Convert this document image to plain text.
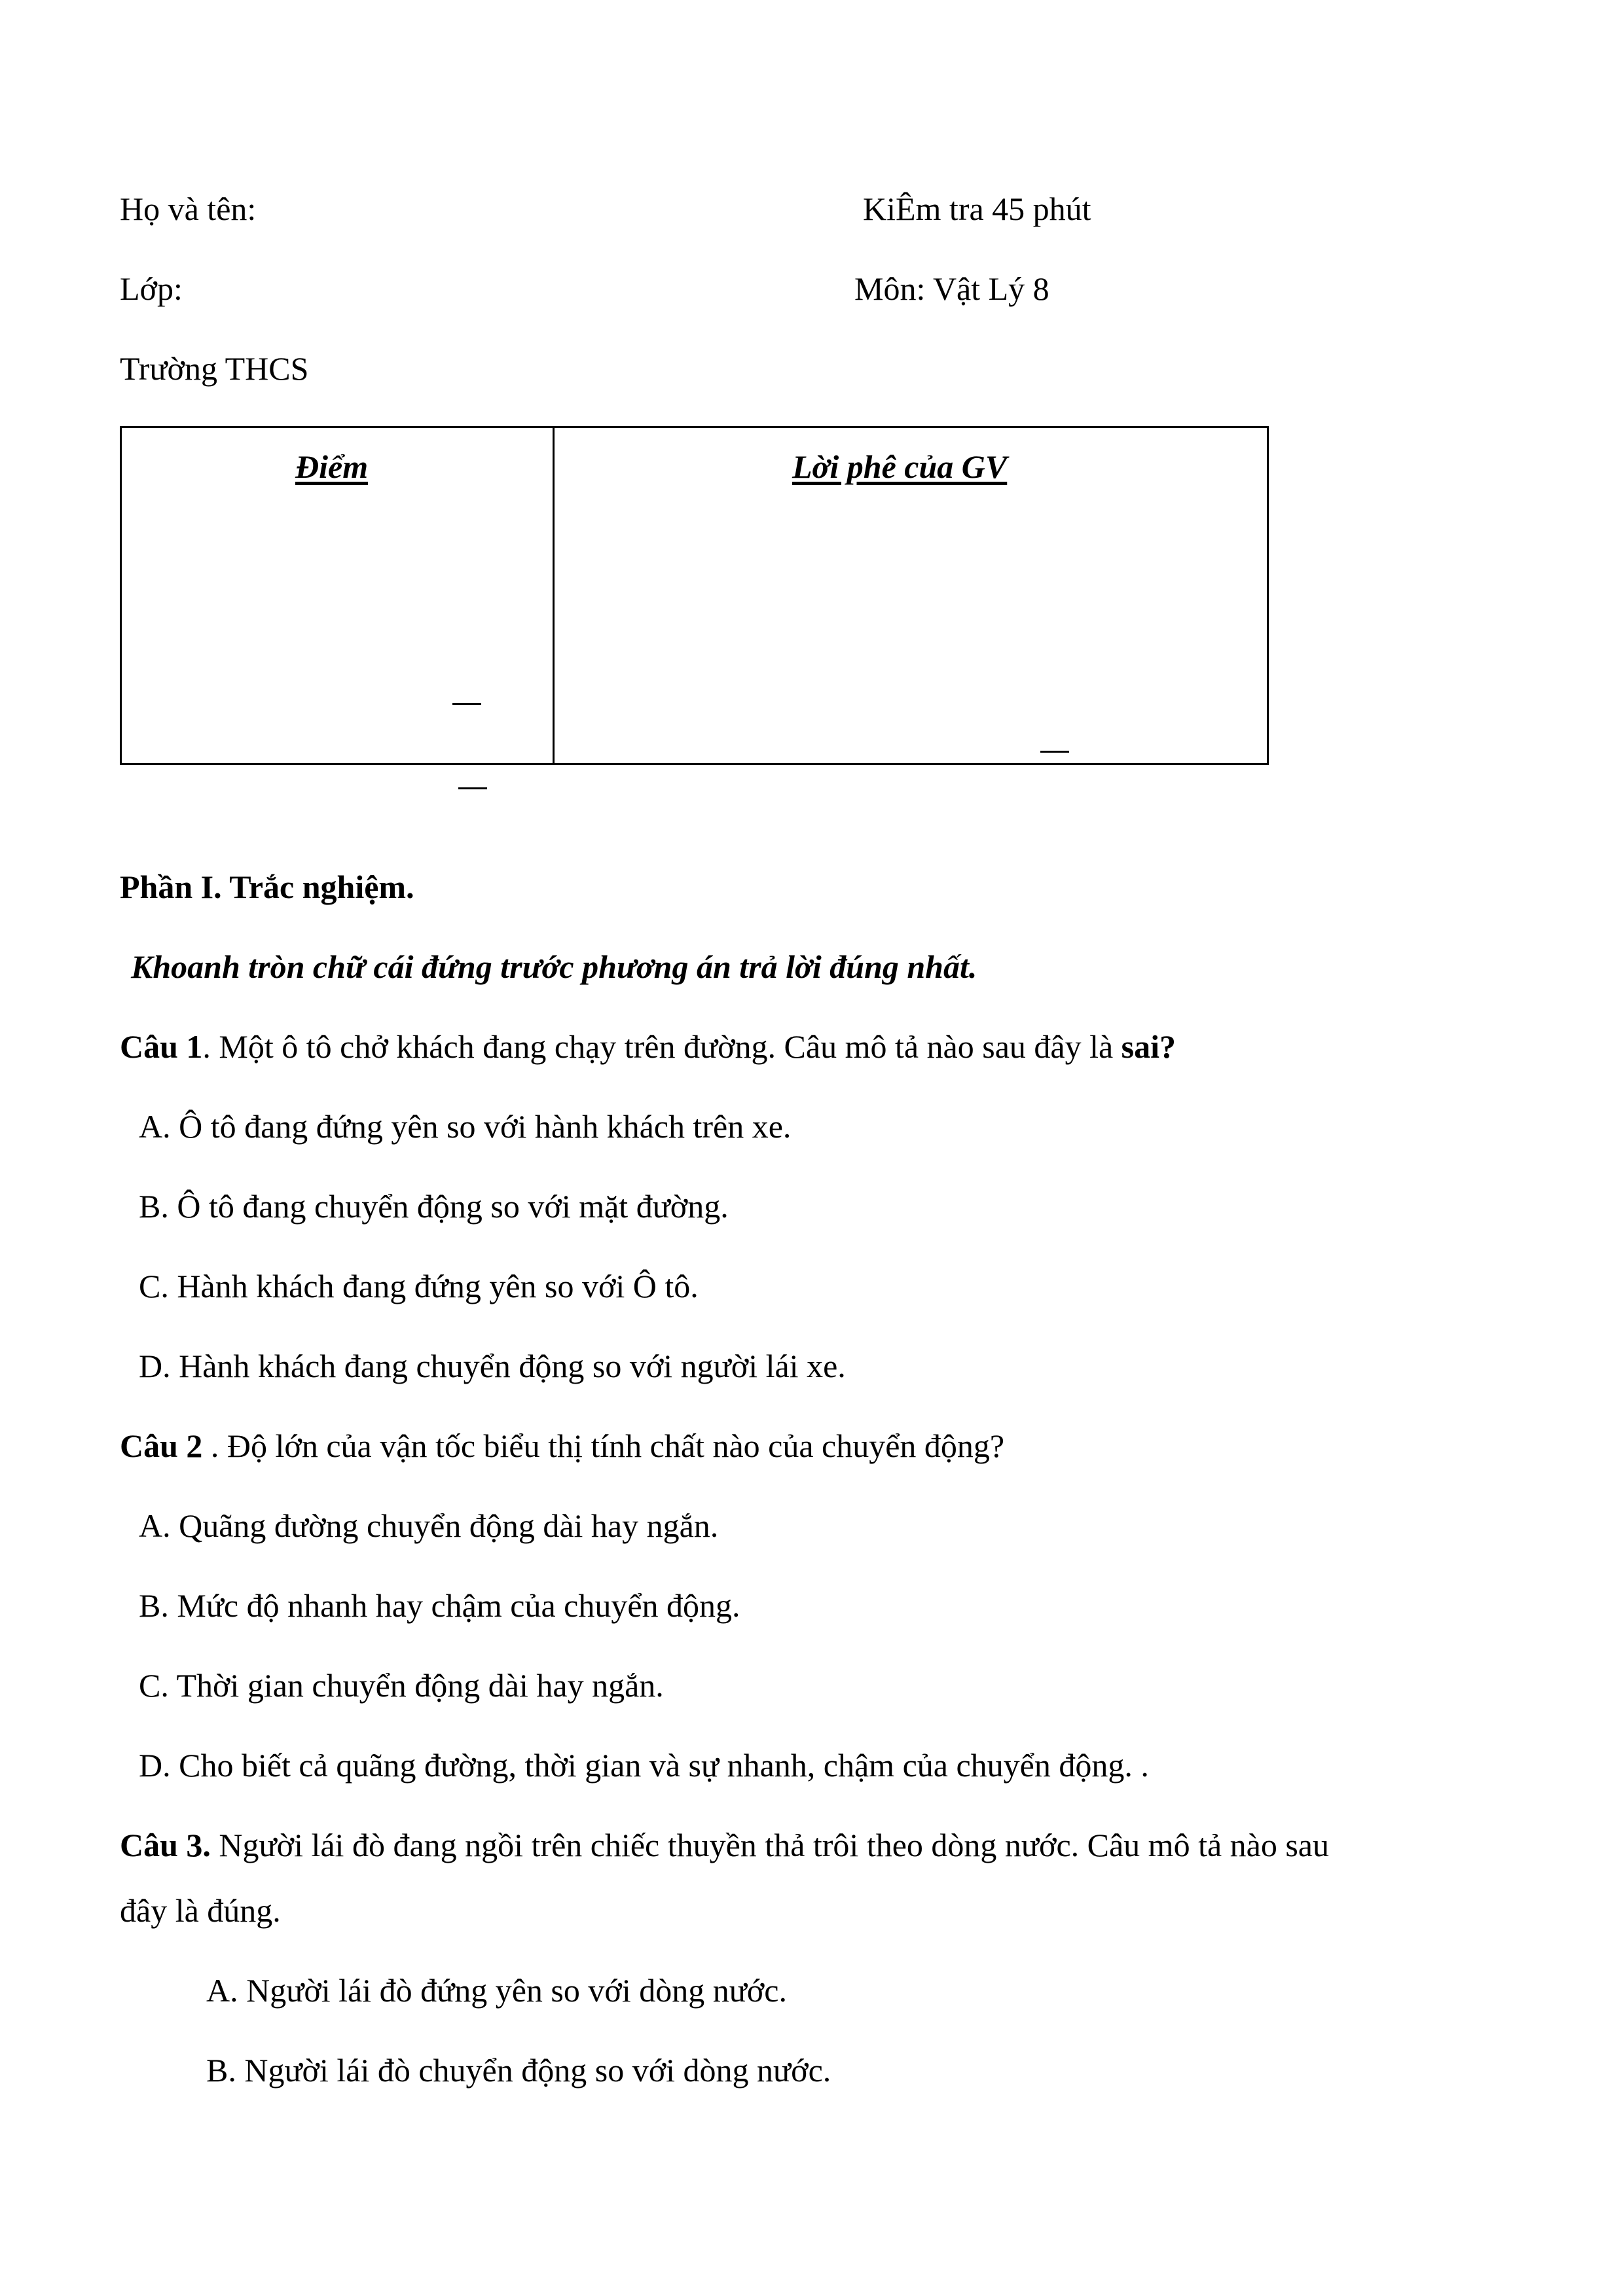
Họ và tên:	KiÊm tra 45 phút
Lớp:	Môn: Vật Lý 8
Trường THCS
Điểm	Lời phê của GV
Phần I. Trắc nghiệm.
Khoanh tròn chữ cái đứng trước phương án trả lời đúng nhất.
Câu 1. Một ô tô chở khách đang chạy trên đường. Câu mô tả nào sau đây là sai?
A. Ô tô đang đứng yên so với hành khách trên xe.
B. Ô tô đang chuyển động so với mặt đường.
C. Hành khách đang đứng yên so với Ô tô.
D. Hành khách đang chuyển động so với người lái xe.
Câu 2 . Độ lớn của vận tốc biểu thị tính chất nào của chuyển động?
A. Quãng đường chuyển động dài hay ngắn.
B. Mức độ nhanh hay chậm của chuyển động.
C. Thời gian chuyển động dài hay ngắn.
D. Cho biết cả quãng đường, thời gian và sự nhanh, chậm của chuyển động. .
Câu 3. Người lái đò đang ngồi trên chiếc thuyền thả trôi theo dòng nước. Câu mô tả nào sau
đây là đúng.
A. Người lái đò đứng yên so với dòng nước.
B. Người lái đò chuyển động so với dòng nước.
